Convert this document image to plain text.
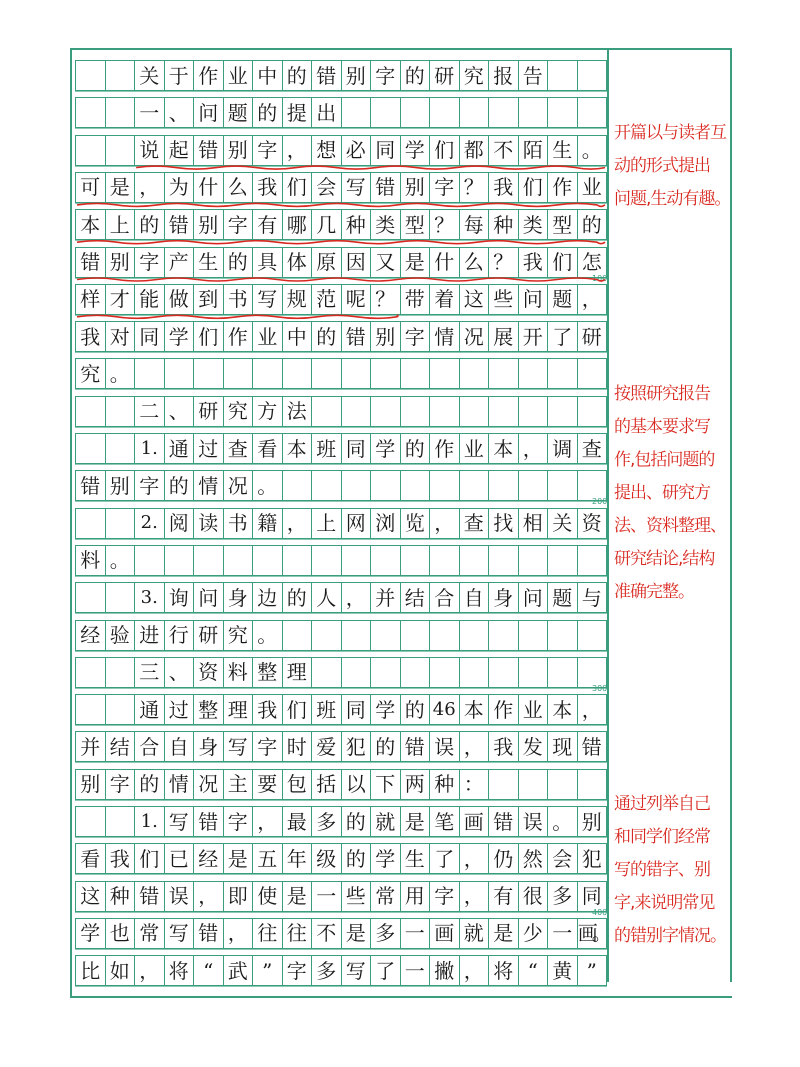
关 于 作 业 中 的 错 别 字 的 研 究 报 告
一 、 问 题 的 提 出
说 起 错 别 字 ， 想 必 同 学 们 都 不 陌 生 。
可 是 ， 为 什 么 我 们 会 写 错 别 字 ？ 我 们 作 业
本 上 的 错 别 字 有 哪 几 种 类 型 ？ 每 种 类 型 的
错 别 字 产 生 的 具 体 原 因 又 是 什 么 ？ 我 们 怎
样 才 能 做 到 书 写 规 范 呢 ？ 带 着 这 些 问 题 ，
我 对 同 学 们 作 业 中 的 错 别 字 情 况 展 开 了 研
究 。
二 、 研 究 方 法
1. 通 过 查 看 本 班 同 学 的 作 业 本 ， 调 查
错 别 字 的 情 况 。
2. 阅 读 书 籍 ， 上 网 浏 览 ， 查 找 相 关 资
料 。
3. 询 问 身 边 的 人 ， 并 结 合 自 身 问 题 与
经 验 进 行 研 究 。
三 、 资 料 整 理
通 过 整 理 我 们 班 同 学 的 46 本 作 业 本 ，
并 结 合 自 身 写 字 时 爱 犯 的 错 误 ， 我 发 现 错
别 字 的 情 况 主 要 包 括 以 下 两 种 ：
1. 写 错 字 ， 最 多 的 就 是 笔 画 错 误 。 别
看 我 们 已 经 是 五 年 级 的 学 生 了 ， 仍 然 会 犯
这 种 错 误 ， 即 使 是 一 些 常 用 字 ， 有 很 多 同
学 也 常 写 错 ， 往 往 不 是 多 一 画 就 是 少 一 画。
比 如 ， 将 “ 武 ” 字 多 写 了 一 撇 ， 将 “ 黄 ”
100
200
300
400
开篇以与读者互
动的形式提出
问题,生动有趣。
按照研究报告
的基本要求写
作,包括问题的
提出、研究方
法、资料整理、
研究结论,结构
准确完整。
通过列举自己
和同学们经常
写的错字、别
字,来说明常见
的错别字情况。
